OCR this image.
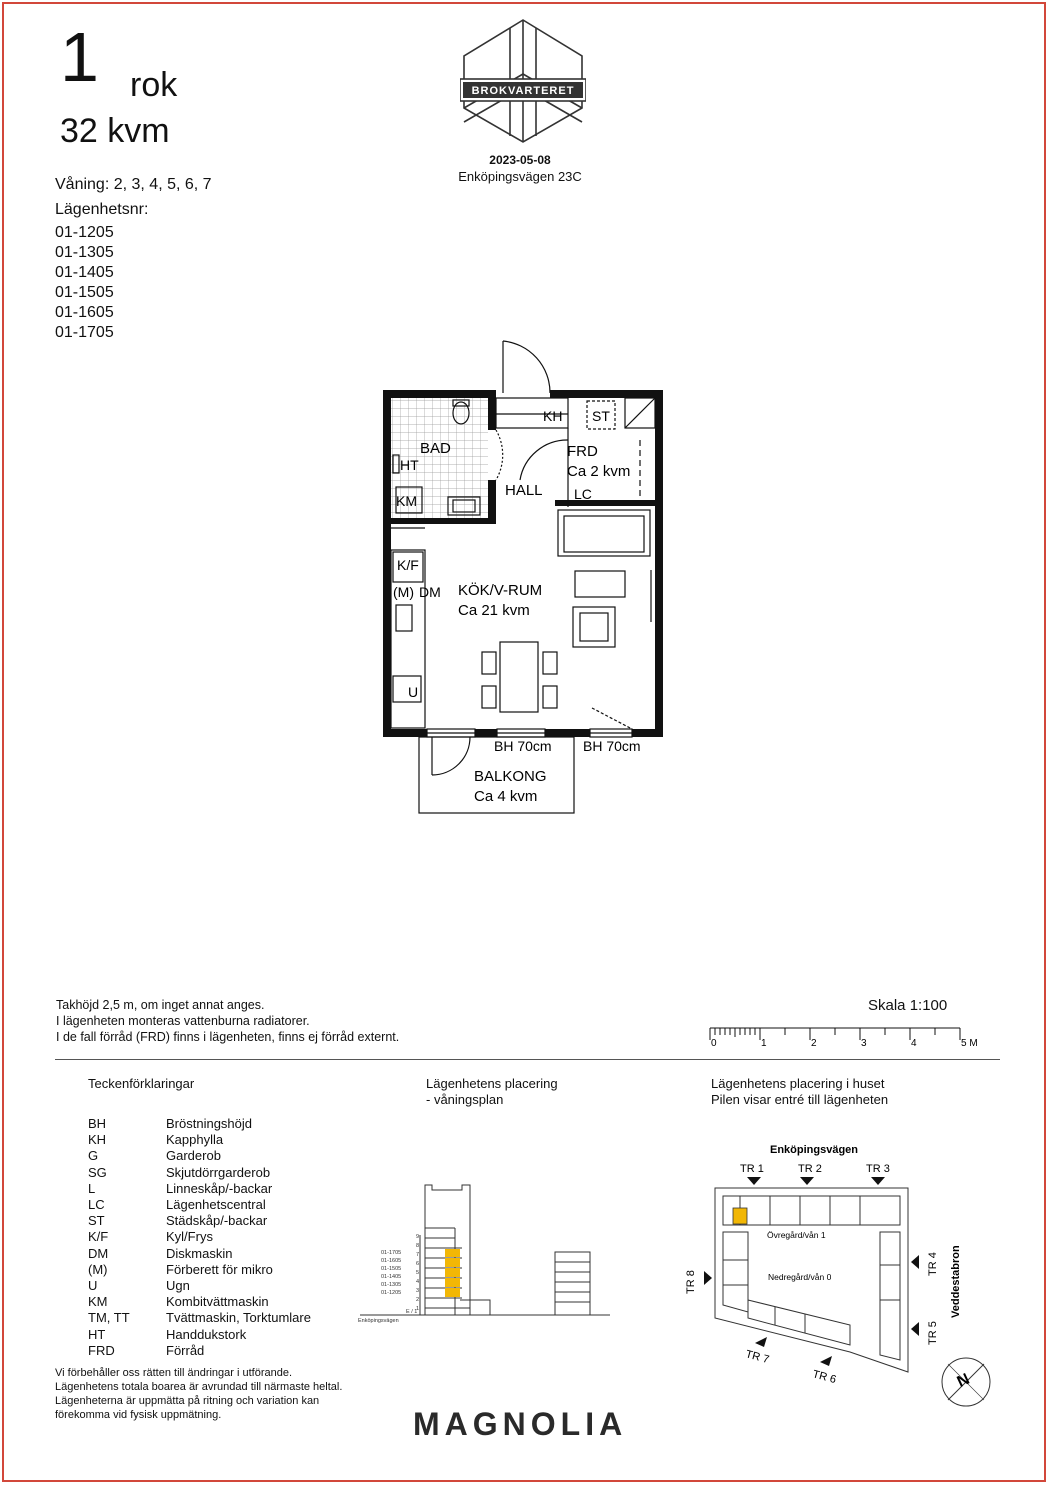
1 rok
32 kvm
Våning: 2, 3, 4, 5, 6, 7
Lägenhetsnr:
01-1205
01-1305
01-1405
01-1505
01-1605
01-1705
BROKVARTERET
2023-05-08
Enköpingsvägen 23C
BAD
HALL
FRD
Ca 2 kvm
KÖK/V-RUM
Ca 21 kvm
BALKONG
Ca 4 kvm
KH ST
LC
HT
KM
K/F
(M) DM
U
BH 70cm BH 70cm
Takhöjd 2,5 m, om inget annat anges.
I lägenheten monteras vattenburna radiatorer.
I de fall förråd (FRD) finns i lägenheten, finns ej förråd externt.
Skala 1:100
0	1	2	3	4	5 M
Teckenförklaringar
BH	Bröstningshöjd
KH	Kapphylla
G	Garderob
SG	Skjutdörrgarderob
L	Linneskåp/-backar
LC	Lägenhetscentral
ST	Städskåp/-backar
K/F	Kyl/Frys
DM	Diskmaskin
(M)	Förberett för mikro
U	Ugn
KM	Kombitvättmaskin
TM, TT	Tvättmaskin, Torktumlare
HT	Handdukstork
FRD	Förråd
Lägenhetens placering
- våningsplan
9
8
7
6
5
4
3
2
1
E / 1
Enköpingsvägen
01-1705
01-1605
01-1505
01-1405
01-1305
01-1205
Lägenhetens placering i huset
Pilen visar entré till lägenheten
Enköpingsvägen
TR 1	TR 2	TR 3
TR 4
TR 5
TR 6
TR 7
TR 8	Veddestabron
Övregård/vån 1
Nedregård/vån 0
N
Vi förbehåller oss rätten till ändringar i utförande. Lägenhetens totala boarea är avrundad till närmaste heltal. Lägenheterna är uppmätta på ritning och variation kan förekomma vid fysisk uppmätning.	MAGNOLIA
